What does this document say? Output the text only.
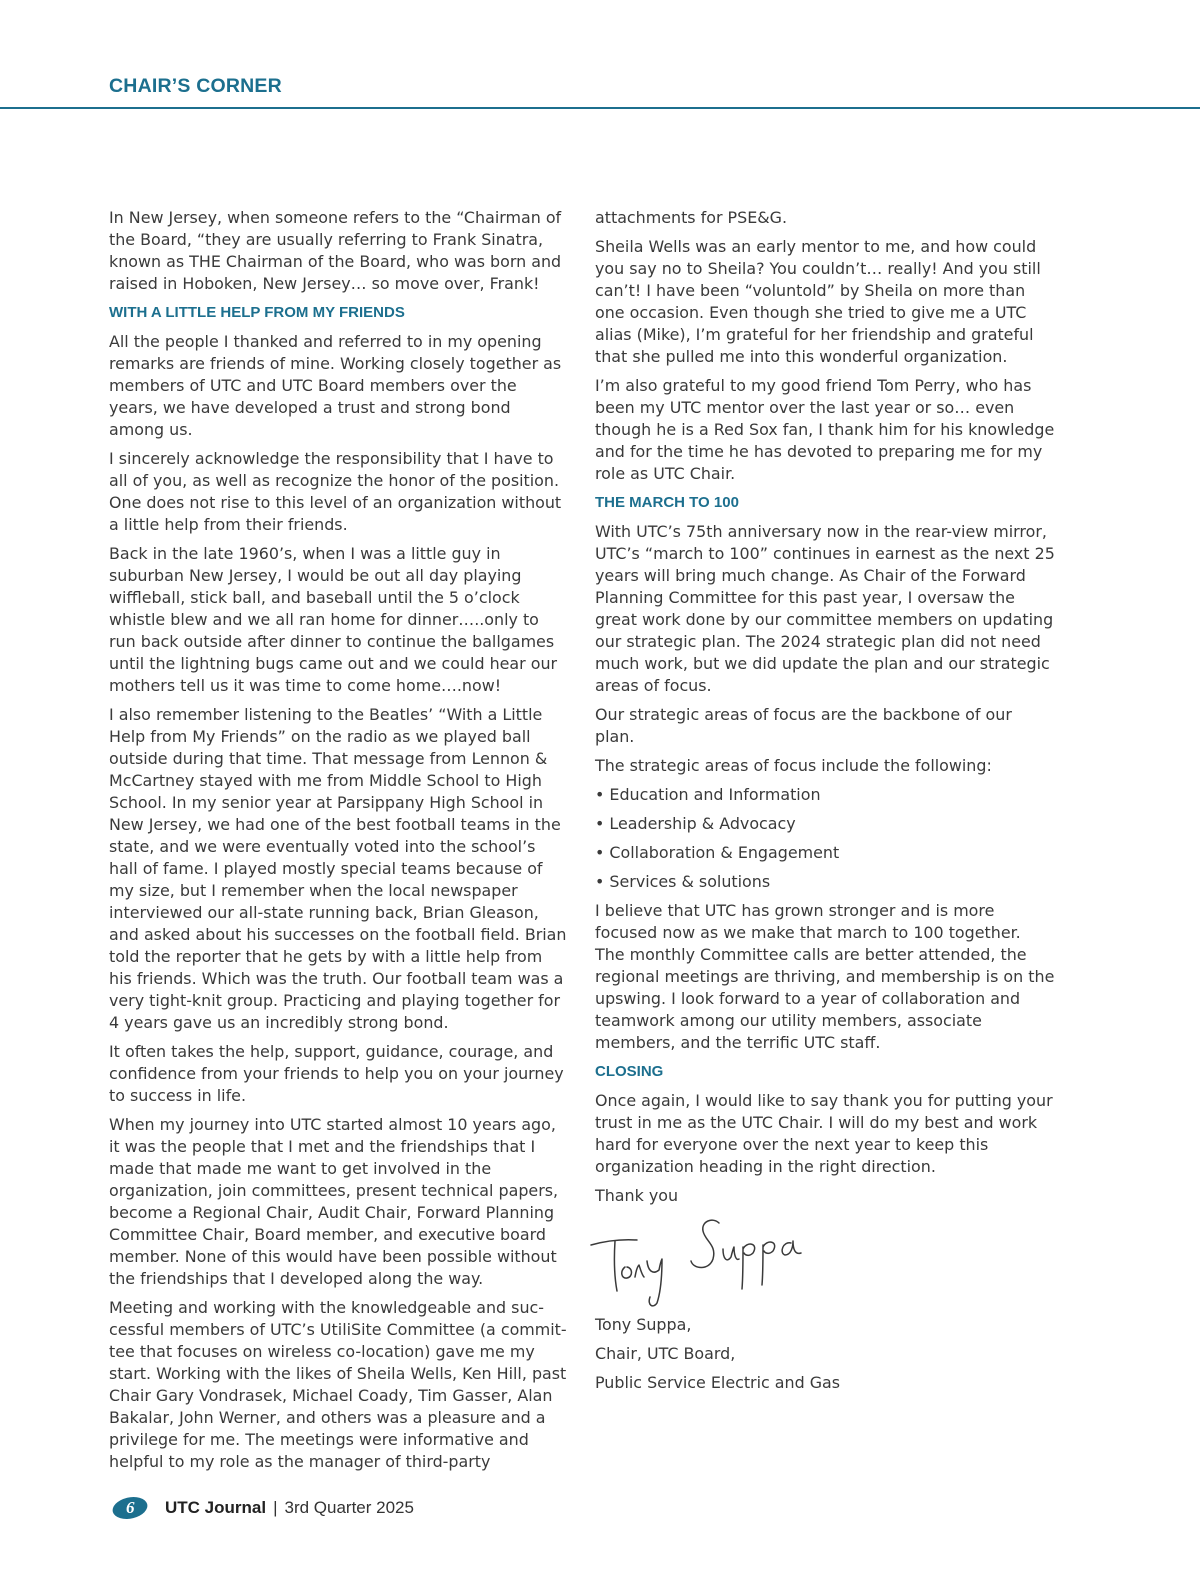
CHAIR’S CORNER

In New Jersey, when someone refers to the “Chairman of the Board, “they are usually referring to Frank Sinatra, known as THE Chairman of the Board, who was born and raised in Hoboken, New Jersey… so move over, Frank!

WITH A LITTLE HELP FROM MY FRIENDS

All the people I thanked and referred to in my opening remarks are friends of mine. Working closely together as members of UTC and UTC Board members over the years, we have developed a trust and strong bond among us.

I sincerely acknowledge the responsibility that I have to all of you, as well as recognize the honor of the position. One does not rise to this level of an organization without a little help from their friends.

Back in the late 1960’s, when I was a little guy in suburban New Jersey, I would be out all day playing wiffleball, stick ball, and baseball until the 5 o’clock whistle blew and we all ran home for dinner…..only to run back outside after dinner to continue the ballgames until the lightning bugs came out and we could hear our mothers tell us it was time to come home….now!

I also remember listening to the Beatles’ “With a Little Help from My Friends” on the radio as we played ball outside during that time. That message from Lennon & McCartney stayed with me from Middle School to High School. In my senior year at Parsippany High School in New Jersey, we had one of the best football teams in the state, and we were eventually voted into the school’s hall of fame. I played mostly special teams because of my size, but I remember when the local newspaper interviewed our all-state running back, Brian Gleason, and asked about his successes on the football field. Brian told the reporter that he gets by with a little help from his friends. Which was the truth. Our football team was a very tight-knit group. Practicing and playing together for 4 years gave us an incredibly strong bond.

It often takes the help, support, guidance, courage, and confidence from your friends to help you on your journey to success in life.

When my journey into UTC started almost 10 years ago, it was the people that I met and the friendships that I made that made me want to get involved in the organization, join committees, present technical papers, become a Regional Chair, Audit Chair, Forward Planning Committee Chair, Board member, and executive board member. None of this would have been possible without the friendships that I developed along the way.

Meeting and working with the knowledgeable and suc-cessful members of UTC’s UtiliSite Committee (a commit-tee that focuses on wireless co-location) gave me my start. Working with the likes of Sheila Wells, Ken Hill, past Chair Gary Vondrasek, Michael Coady, Tim Gasser, Alan Bakalar, John Werner, and others was a pleasure and a privilege for me. The meetings were informative and helpful to my role as the manager of third-party

attachments for PSE&G.

Sheila Wells was an early mentor to me, and how could you say no to Sheila? You couldn’t… really! And you still can’t! I have been “voluntold” by Sheila on more than one occasion. Even though she tried to give me a UTC alias (Mike), I’m grateful for her friendship and grateful that she pulled me into this wonderful organization.

I’m also grateful to my good friend Tom Perry, who has been my UTC mentor over the last year or so… even though he is a Red Sox fan, I thank him for his knowledge and for the time he has devoted to preparing me for my role as UTC Chair.

THE MARCH TO 100

With UTC’s 75th anniversary now in the rear-view mirror, UTC’s “march to 100” continues in earnest as the next 25 years will bring much change. As Chair of the Forward Planning Committee for this past year, I oversaw the great work done by our committee members on updating our strategic plan. The 2024 strategic plan did not need much work, but we did update the plan and our strategic areas of focus.

Our strategic areas of focus are the backbone of our plan.

The strategic areas of focus include the following:

• Education and Information

• Leadership & Advocacy

• Collaboration & Engagement

• Services & solutions

I believe that UTC has grown stronger and is more focused now as we make that march to 100 together. The monthly Committee calls are better attended, the regional meetings are thriving, and membership is on the upswing. I look forward to a year of collaboration and teamwork among our utility members, associate members, and the terrific UTC staff.

CLOSING

Once again, I would like to say thank you for putting your trust in me as the UTC Chair. I will do my best and work hard for everyone over the next year to keep this organization heading in the right direction.

Thank you

Tony Suppa,

Chair, UTC Board,

Public Service Electric and Gas

6 UTC Journal | 3rd Quarter 2025
